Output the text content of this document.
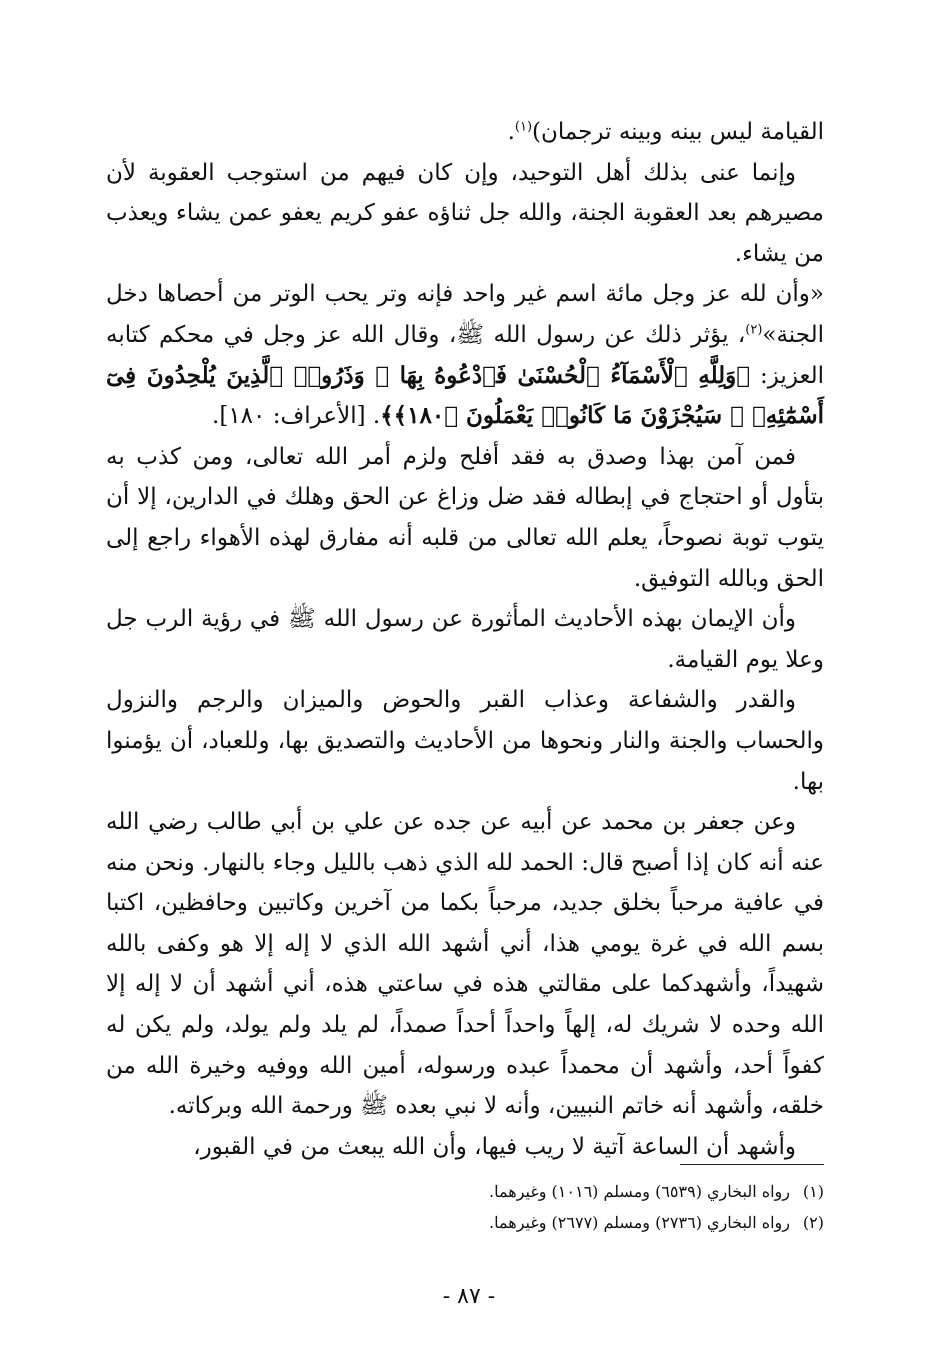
القيامة ليس بينه وبينه ترجمان)$^{(١)}$.

وإنما عنى بذلك أهل التوحيد، وإن كان فيهم من استوجب العقوبة لأن مصيرهم بعد العقوبة الجنة، والله جل ثناؤه عفو كريم يعفو عمن يشاء ويعذب من يشاء.

«وأن لله عز وجل مائة اسم غير واحد فإنه وتر يحب الوتر من أحصاها دخل الجنة»$^{(٢)}$، يؤثر ذلك عن رسول الله ﷺ، وقال الله عز وجل في محكم كتابه العزيز: ﴿وَلِلَّهِ ٱلْأَسْمَآءُ ٱلْحُسْنَىٰ فَٱدْعُوهُ بِهَا ۖ وَذَرُوا۟ ٱلَّذِينَ يُلْحِدُونَ فِىٓ أَسْمَٰٓئِهِۦ ۚ سَيُجْزَوْنَ مَا كَانُوا۟ يَعْمَلُونَ ﴿١٨٠﴾﴾. [الأعراف: ١٨٠].

فمن آمن بهذا وصدق به فقد أفلح ولزم أمر الله تعالى، ومن كذب به بتأول أو احتجاج في إبطاله فقد ضل وزاغ عن الحق وهلك في الدارين، إلا أن يتوب توبة نصوحاً، يعلم الله تعالى من قلبه أنه مفارق لهذه الأهواء راجع إلى الحق وبالله التوفيق.

وأن الإيمان بهذه الأحاديث المأثورة عن رسول الله ﷺ في رؤية الرب جل وعلا يوم القيامة.

والقدر والشفاعة وعذاب القبر والحوض والميزان والرجم والنزول والحساب والجنة والنار ونحوها من الأحاديث والتصديق بها، وللعباد، أن يؤمنوا بها.

وعن جعفر بن محمد عن أبيه عن جده عن علي بن أبي طالب رضي الله عنه أنه كان إذا أصبح قال: الحمد لله الذي ذهب بالليل وجاء بالنهار. ونحن منه في عافية مرحباً بخلق جديد، مرحباً بكما من آخرين وكاتبين وحافظين، اكتبا بسم الله في غرة يومي هذا، أني أشهد الله الذي لا إله إلا هو وكفى بالله شهيداً، وأشهدكما على مقالتي هذه في ساعتي هذه، أني أشهد أن لا إله إلا الله وحده لا شريك له، إلهاً واحداً أحداً صمداً، لم يلد ولم يولد، ولم يكن له كفواً أحد، وأشهد أن محمداً عبده ورسوله، أمين الله ووفيه وخيرة الله من خلقه، وأشهد أنه خاتم النبيين، وأنه لا نبي بعده ﷺ ورحمة الله وبركاته.

وأشهد أن الساعة آتية لا ريب فيها، وأن الله يبعث من في القبور،

(١)رواه البخاري (٦٥٣٩) ومسلم (١٠١٦) وغيرهما.

(٢)رواه البخاري (٢٧٣٦) ومسلم (٢٦٧٧) وغيرهما.

- ٨٧ -
